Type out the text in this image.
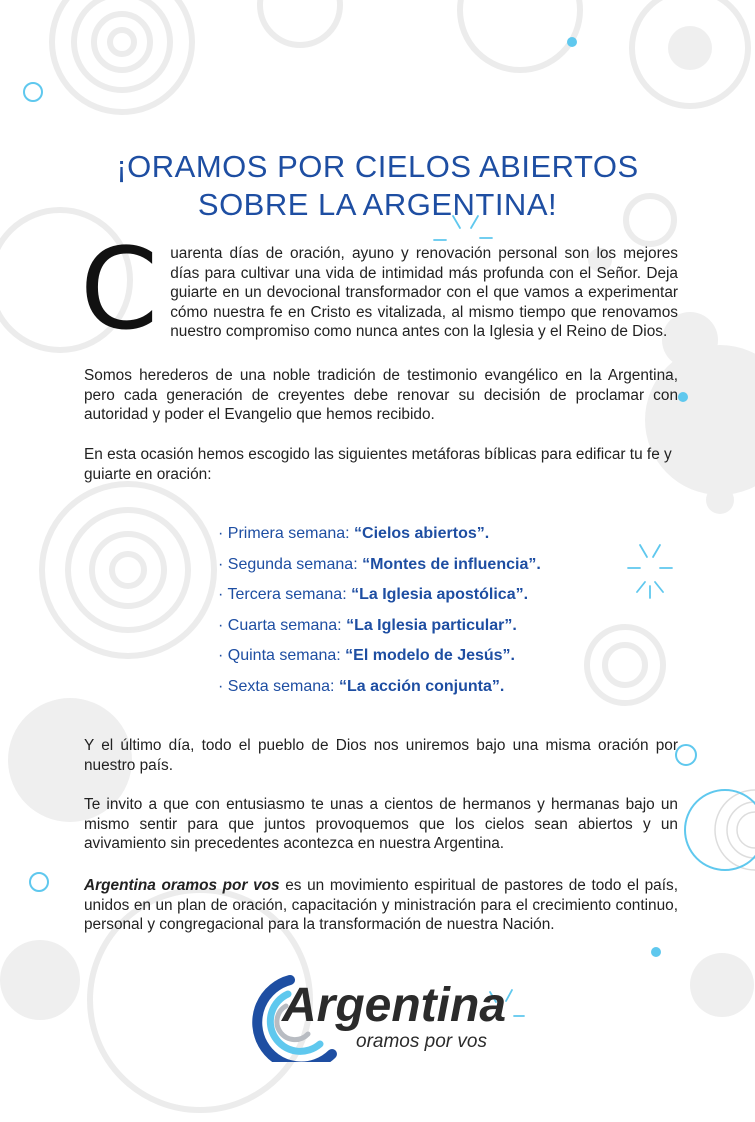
¡ORAMOS POR CIELOS ABIERTOS
SOBRE LA ARGENTINA!

C uarenta días de oración, ayuno y renovación personal son los mejores días para cultivar una vida de intimidad más profunda con el Señor. Deja guiarte en un devocional transformador con el que vamos a experimentar cómo nuestra fe en Cristo es vitalizada, al mismo tiempo que renovamos nuestro compromiso como nunca antes con la Iglesia y el Reino de Dios.

Somos herederos de una noble tradición de testimonio evangélico en la Argentina, pero cada generación de creyentes debe renovar su decisión de proclamar con autoridad y poder el Evangelio que hemos recibido.

En esta ocasión hemos escogido las siguientes metáforas bíblicas para edificar tu fe y guiarte en oración:

· Primera semana: “Cielos abiertos”.
· Segunda semana: “Montes de influencia”.
· Tercera semana: “La Iglesia apostólica”.
· Cuarta semana: “La Iglesia particular”.
· Quinta semana: “El modelo de Jesús”.
· Sexta semana: “La acción conjunta”.

Y el último día, todo el pueblo de Dios nos uniremos bajo una misma oración por nuestro país.

Te invito a que con entusiasmo te unas a cientos de hermanos y hermanas bajo un mismo sentir para que juntos provoquemos que los cielos sean abiertos y un avivamiento sin precedentes acontezca en nuestra Argentina.

Argentina oramos por vos es un movimiento espiritual de pastores de todo el país, unidos en un plan de oración, capacitación y ministración para el crecimiento continuo, personal y congregacional para la transformación de nuestra Nación.

Argentina
oramos por vos
